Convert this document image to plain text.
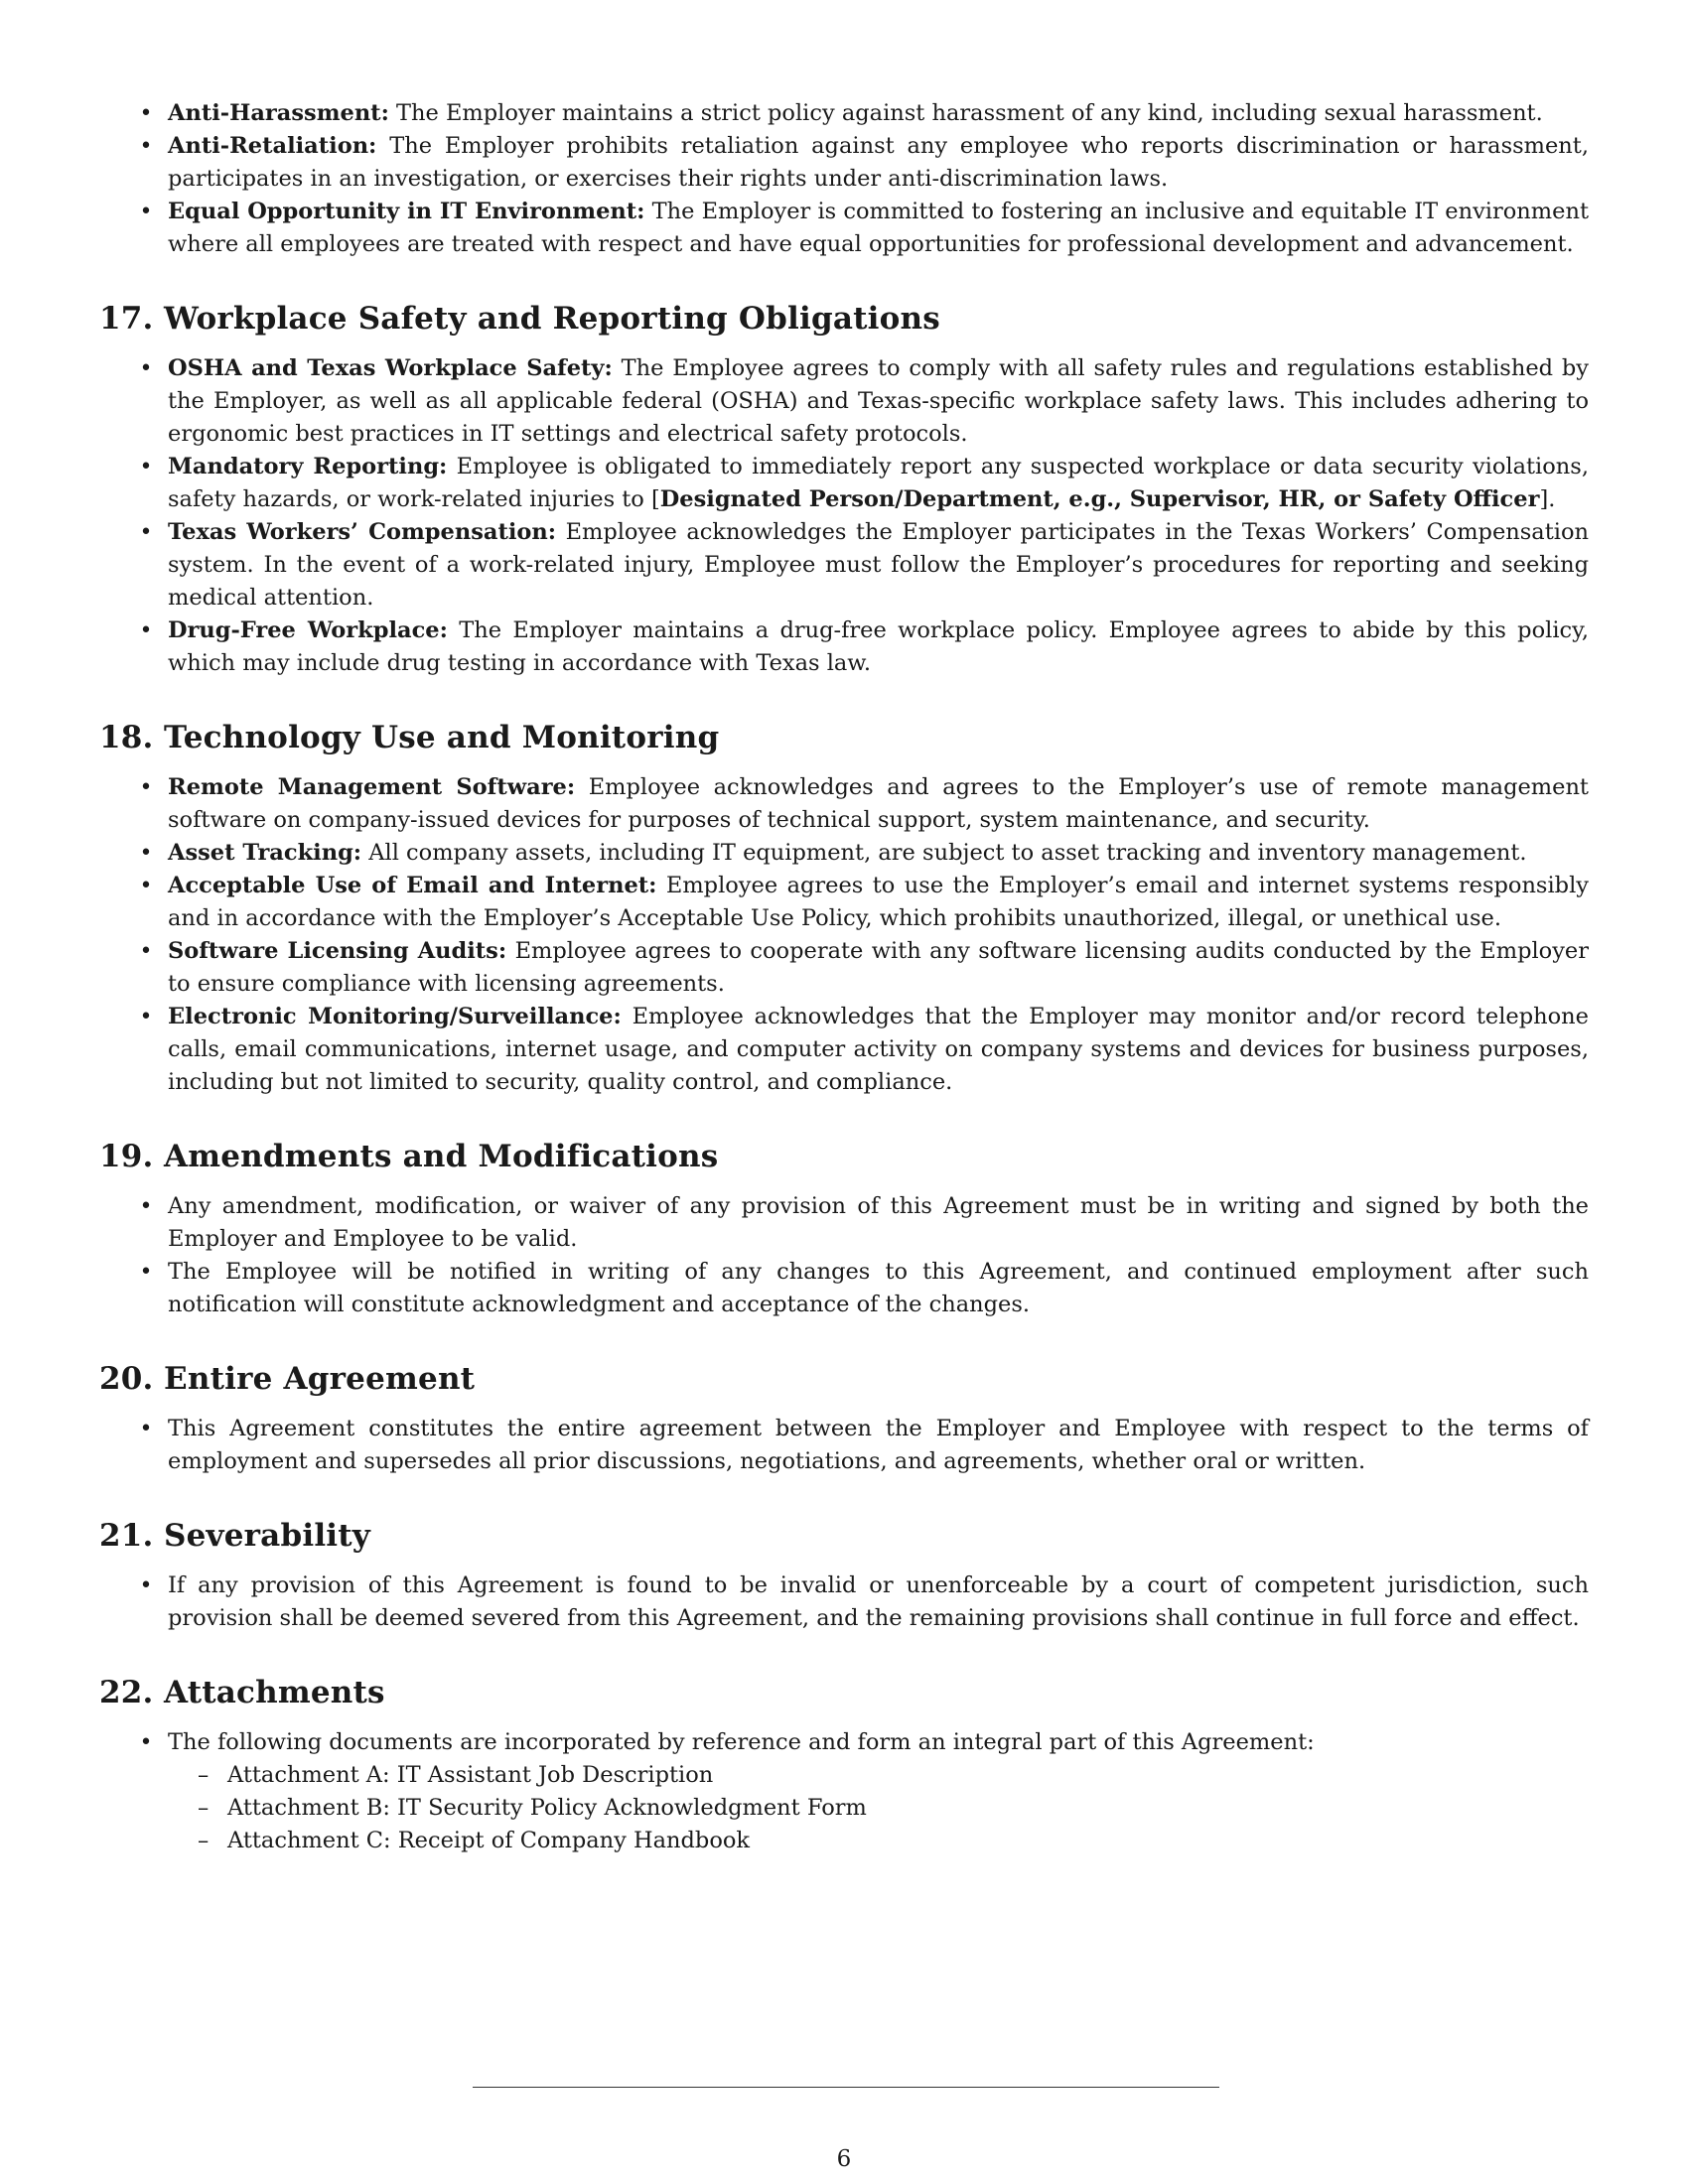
• Anti-Harassment: The Employer maintains a strict policy against harassment of any kind, including sexual harassment.
• Anti-Retaliation: The Employer prohibits retaliation against any employee who reports discrimination or harassment, participates in an investigation, or exercises their rights under anti-discrimination laws.
• Equal Opportunity in IT Environment: The Employer is committed to fostering an inclusive and equitable IT environment where all employees are treated with respect and have equal opportunities for professional development and advancement.
17. Workplace Safety and Reporting Obligations
• OSHA and Texas Workplace Safety: The Employee agrees to comply with all safety rules and regulations established by the Employer, as well as all applicable federal (OSHA) and Texas-specific workplace safety laws. This includes adhering to ergonomic best practices in IT settings and electrical safety protocols.
• Mandatory Reporting: Employee is obligated to immediately report any suspected workplace or data security violations, safety hazards, or work-related injuries to [Designated Person/Department, e.g., Supervisor, HR, or Safety Officer].
• Texas Workers’ Compensation: Employee acknowledges the Employer participates in the Texas Workers’ Compensation system. In the event of a work-related injury, Employee must follow the Employer’s procedures for reporting and seeking medical attention.
• Drug-Free Workplace: The Employer maintains a drug-free workplace policy. Employee agrees to abide by this policy, which may include drug testing in accordance with Texas law.
18. Technology Use and Monitoring
• Remote Management Software: Employee acknowledges and agrees to the Employer’s use of remote management software on company-issued devices for purposes of technical support, system maintenance, and security.
• Asset Tracking: All company assets, including IT equipment, are subject to asset tracking and inventory management.
• Acceptable Use of Email and Internet: Employee agrees to use the Employer’s email and internet systems responsibly and in accordance with the Employer’s Acceptable Use Policy, which prohibits unauthorized, illegal, or unethical use.
• Software Licensing Audits: Employee agrees to cooperate with any software licensing audits conducted by the Employer to ensure compliance with licensing agreements.
• Electronic Monitoring/Surveillance: Employee acknowledges that the Employer may monitor and/or record telephone calls, email communications, internet usage, and computer activity on company systems and devices for business purposes, including but not limited to security, quality control, and compliance.
19. Amendments and Modifications
• Any amendment, modification, or waiver of any provision of this Agreement must be in writing and signed by both the Employer and Employee to be valid.
• The Employee will be notified in writing of any changes to this Agreement, and continued employment after such notification will constitute acknowledgment and acceptance of the changes.
20. Entire Agreement
• This Agreement constitutes the entire agreement between the Employer and Employee with respect to the terms of employment and supersedes all prior discussions, negotiations, and agreements, whether oral or written.
21. Severability
• If any provision of this Agreement is found to be invalid or unenforceable by a court of competent jurisdiction, such provision shall be deemed severed from this Agreement, and the remaining provisions shall continue in full force and effect.
22. Attachments
• The following documents are incorporated by reference and form an integral part of this Agreement:
– Attachment A: IT Assistant Job Description
– Attachment B: IT Security Policy Acknowledgment Form
– Attachment C: Receipt of Company Handbook
6
